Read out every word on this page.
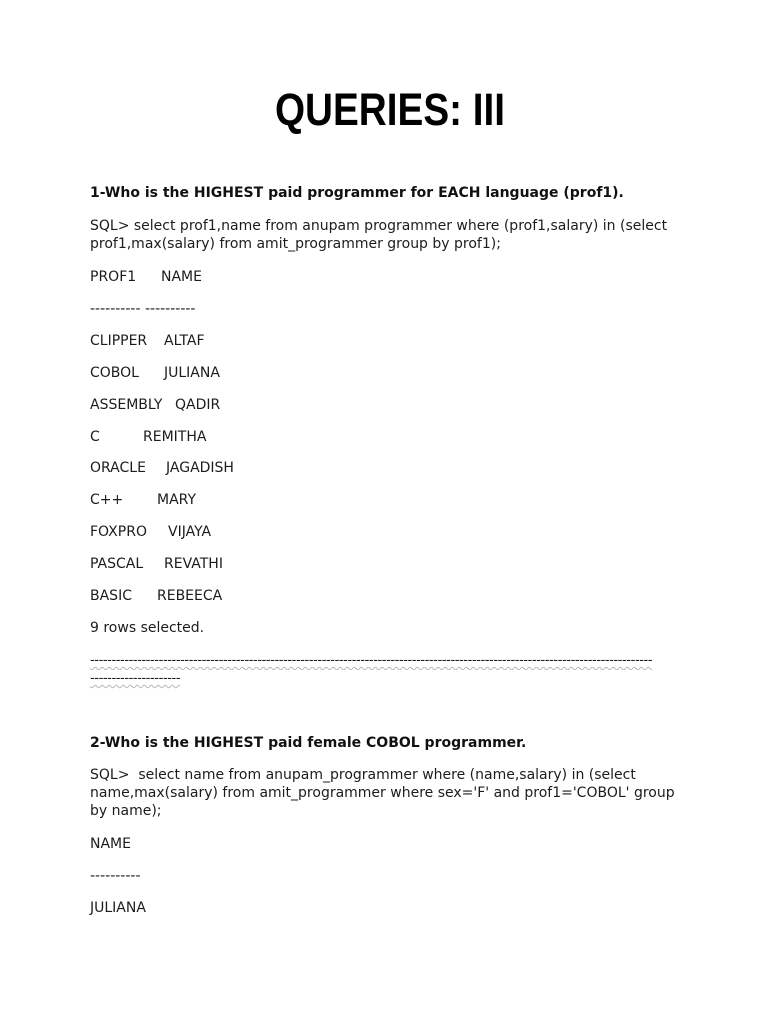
QUERIES: III
1-Who is the HIGHEST paid programmer for EACH language (prof1).
SQL> select prof1,name from anupam programmer where (prof1,salary) in (select
prof1,max(salary) from amit_programmer group by prof1);
PROF1 NAME
---------- ----------
CLIPPER ALTAF
COBOL JULIANA
ASSEMBLY QADIR
C	REMITHA
ORACLE JAGADISH
C++ MARY
FOXPRO VIJAYA
PASCAL REVATHI
BASIC REBEECA
9 rows selected.
-----------------------------------------------------------------------------------------------------------------------------------
---------------------
2-Who is the HIGHEST paid female COBOL programmer.
SQL>  select name from anupam_programmer where (name,salary) in (select
name,max(salary) from amit_programmer where sex='F' and prof1='COBOL' group
by name);
NAME
----------
JULIANA
